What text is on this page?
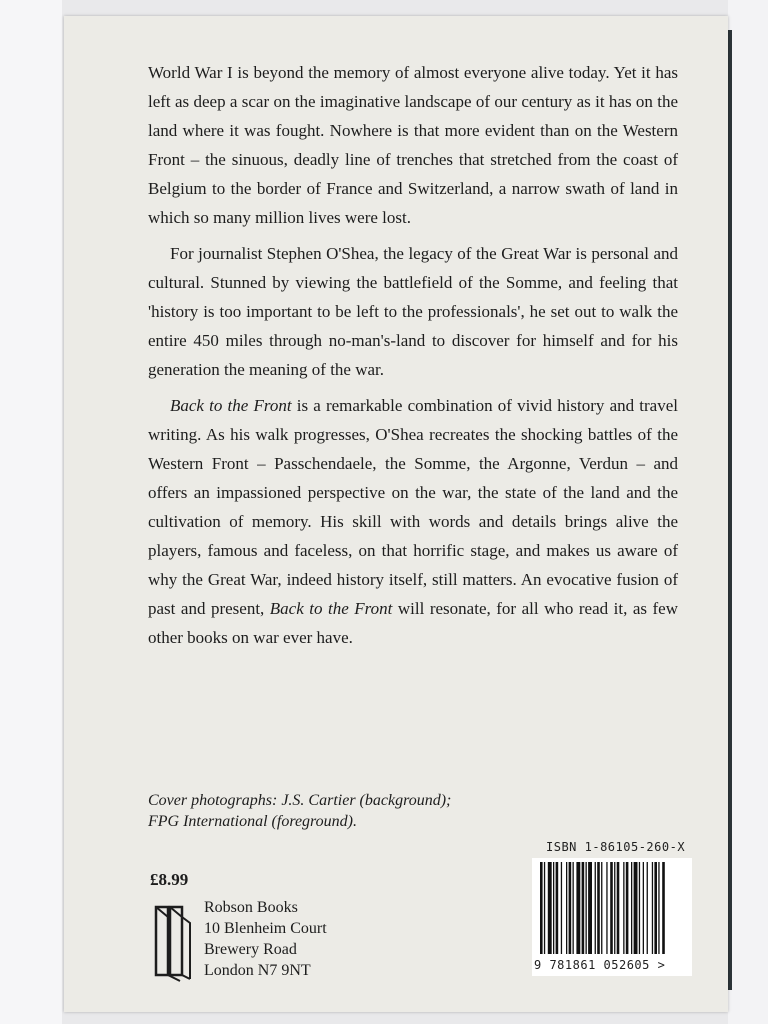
World War I is beyond the memory of almost everyone alive today. Yet it has left as deep a scar on the imaginative landscape of our century as it has on the land where it was fought. Nowhere is that more evident than on the Western Front – the sinuous, deadly line of trenches that stretched from the coast of Belgium to the border of France and Switzerland, a narrow swath of land in which so many million lives were lost.

For journalist Stephen O'Shea, the legacy of the Great War is personal and cultural. Stunned by viewing the battlefield of the Somme, and feeling that 'history is too important to be left to the professionals', he set out to walk the entire 450 miles through no-man's-land to discover for himself and for his generation the meaning of the war.

Back to the Front is a remarkable combination of vivid history and travel writing. As his walk progresses, O'Shea recreates the shocking battles of the Western Front – Passchendaele, the Somme, the Argonne, Verdun – and offers an impassioned perspective on the war, the state of the land and the cultivation of memory. His skill with words and details brings alive the players, famous and faceless, on that horrific stage, and makes us aware of why the Great War, indeed history itself, still matters. An evocative fusion of past and present, Back to the Front will resonate, for all who read it, as few other books on war ever have.

Cover photographs: J.S. Cartier (background); FPG International (foreground).
£8.99
Robson Books
10 Blenheim Court
Brewery Road
London N7 9NT
ISBN 1-86105-260-X
9 781861 052605 >
